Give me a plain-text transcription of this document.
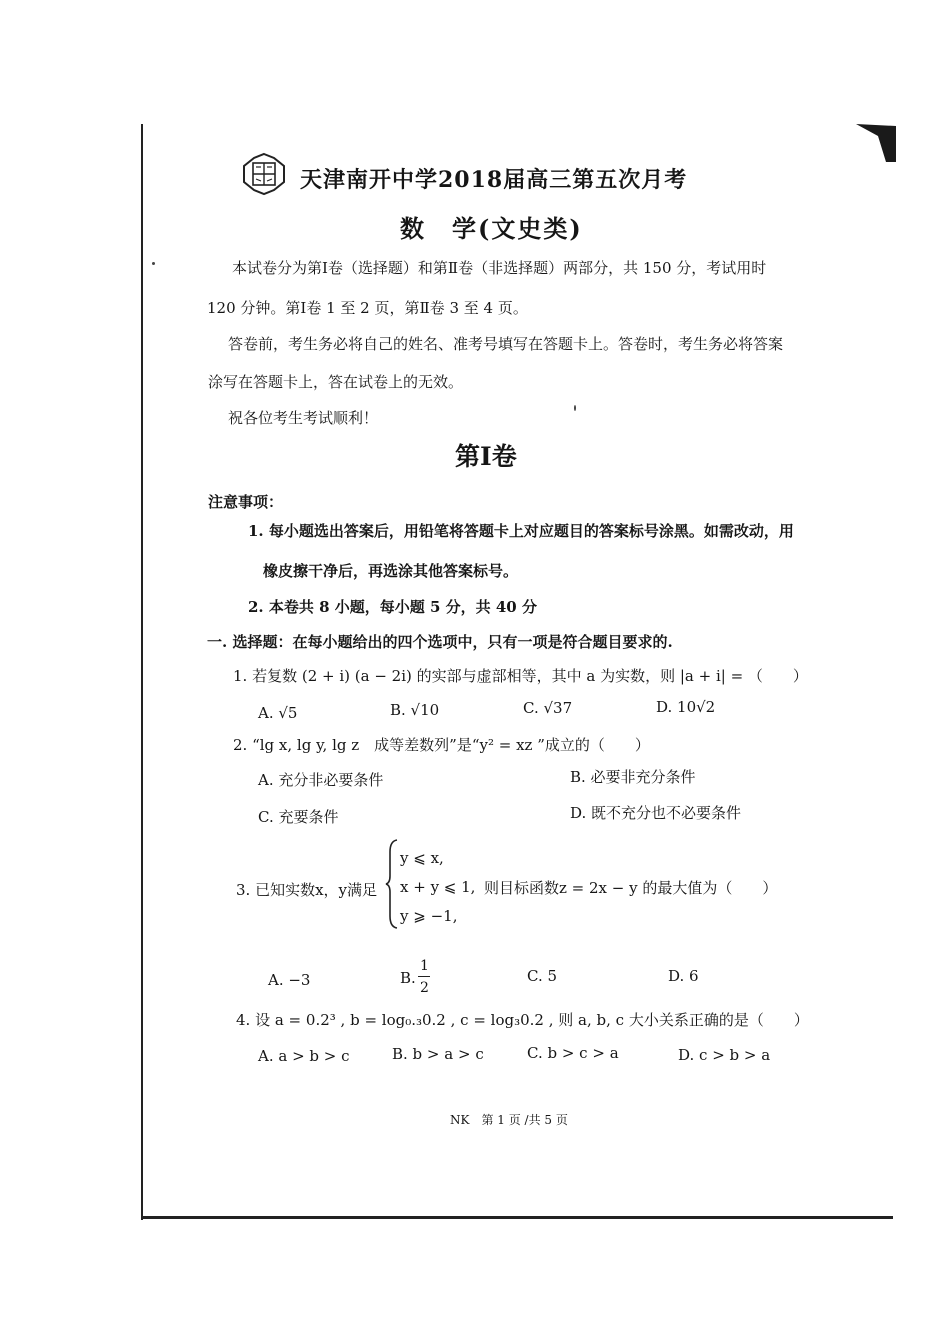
天津南开中学2018届高三第五次月考
数　学(文史类)
本试卷分为第Ⅰ卷（选择题）和第Ⅱ卷（非选择题）两部分，共 150 分，考试用时
120 分钟。第Ⅰ卷 1 至 2 页，第Ⅱ卷 3 至 4 页。
答卷前，考生务必将自己的姓名、准考号填写在答题卡上。答卷时，考生务必将答案
涂写在答题卡上，答在试卷上的无效。
祝各位考生考试顺利！
第Ⅰ卷
注意事项：
1. 每小题选出答案后，用铅笔将答题卡上对应题目的答案标号涂黑。如需改动，用
橡皮擦干净后，再选涂其他答案标号。
2. 本卷共 8 小题，每小题 5 分，共 40 分
一. 选择题：在每小题给出的四个选项中，只有一项是符合题目要求的.
1. 若复数 (2 + i) (a − 2i) 的实部与虚部相等，其中 a 为实数，则 |a + i| = （　　）
A. √5	B. √10	C. √37	D. 10√2
2. “lg x, lg y, lg z　成等差数列”是“y² = xz ”成立的（　　）
A. 充分非必要条件	B. 必要非充分条件
C. 充要条件	D. 既不充分也不必要条件
3. 已知实数x，y满足
y ⩽ x,
x + y ⩽ 1,
y ⩾ −1,
则目标函数z = 2x − y 的最大值为（　　）
A. −3	B.
1
2
C. 5	D. 6
4. 设 a = 0.2³ , b = log₀.₃0.2 , c = log₃0.2 , 则 a, b, c 大小关系正确的是（　　）
A. a > b > c	B. b > a > c	C. b > c > a	D. c > b > a
NK　第 1 页 /共 5 页
